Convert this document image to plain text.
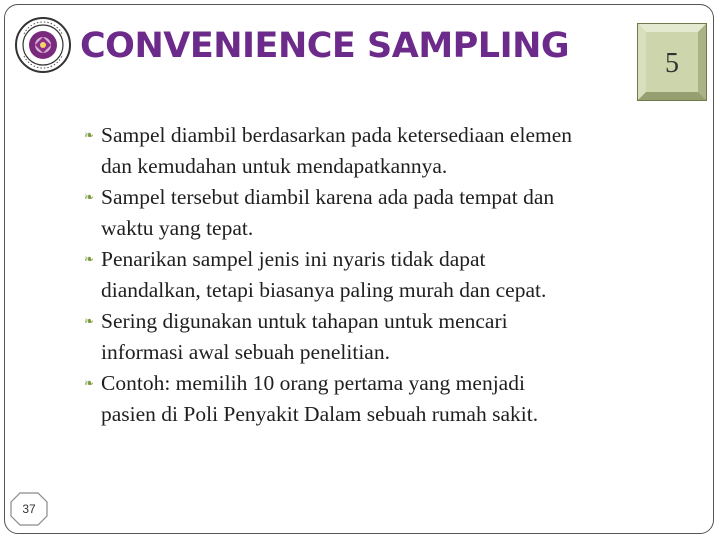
CONVENIENCE SAMPLING	5
❧ Sampel diambil berdasarkan pada ketersediaan elemen
dan kemudahan untuk mendapatkannya.
❧ Sampel tersebut diambil karena ada pada tempat dan
waktu yang tepat.
❧ Penarikan sampel jenis ini nyaris tidak dapat
diandalkan, tetapi biasanya paling murah dan cepat.
❧ Sering digunakan untuk tahapan untuk mencari
informasi awal sebuah penelitian.
❧ Contoh: memilih 10 orang pertama yang menjadi
pasien di Poli Penyakit Dalam sebuah rumah sakit.
37
